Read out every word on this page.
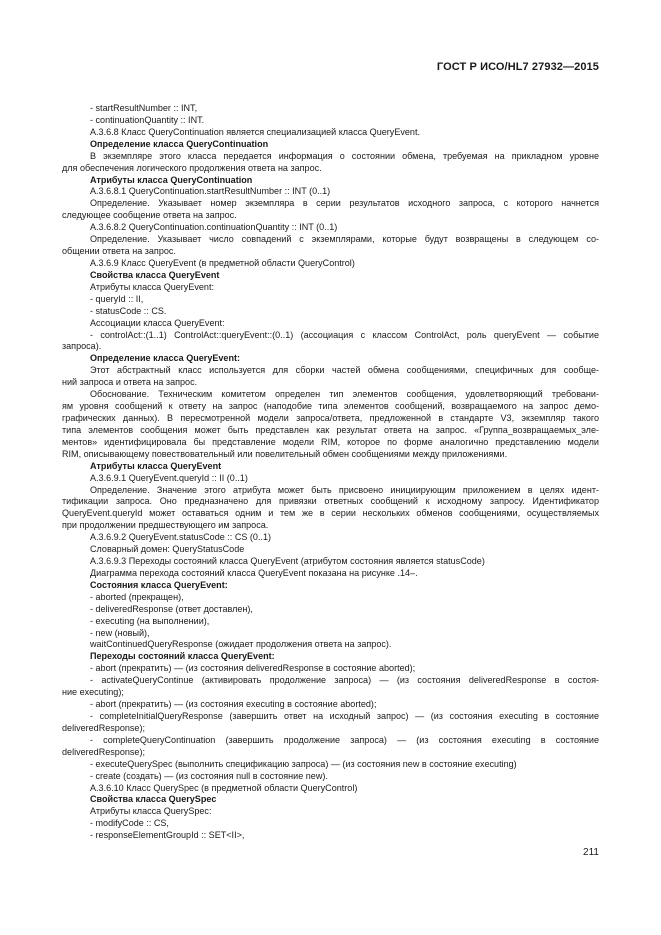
ГОСТ Р ИСО/HL7 27932—2015
- startResultNumber :: INT,
- continuationQuantity :: INT.
A.3.6.8 Класс QueryContinuation является специализацией класса QueryEvent.
Определение класса QueryContinuation
В экземпляре этого класса передается информация о состоянии обмена, требуемая на прикладном уровне
для обеспечения логического продолжения ответа на запрос.
Атрибуты класса QueryContinuation
A.3.6.8.1 QueryContinuation.startResultNumber :: INT (0..1)
Определение. Указывает номер экземпляра в серии результатов исходного запроса, с которого начнется
следующее сообщение ответа на запрос.
A.3.6.8.2 QueryContinuation.continuationQuantity :: INT (0..1)
Определение. Указывает число совпадений с экземплярами, которые будут возвращены в следующем со-
общении ответа на запрос.
A.3.6.9 Класс QueryEvent (в предметной области QueryControl)
Свойства класса QueryEvent
Атрибуты класса QueryEvent:
- queryId :: II,
- statusCode :: CS.
Ассоциации класса QueryEvent:
- controlAct::(1..1) ControlAct::queryEvent::(0..1) (ассоциация с классом ControlAct, роль queryEvent — событие
запроса).
Определение класса QueryEvent:
Этот абстрактный класс используется для сборки частей обмена сообщениями, специфичных для сообще-
ний запроса и ответа на запрос.
Обоснование. Техническим комитетом определен тип элементов сообщения, удовлетворяющий требовани-
ям уровня сообщений к ответу на запрос (наподобие типа элементов сообщений, возвращаемого на запрос демо-
графических данных). В пересмотренной модели запроса/ответа, предложенной в стандарте V3, экземпляр такого
типа элементов сообщения может быть представлен как результат ответа на запрос. «Группа_возвращаемых_эле-
ментов» идентифицировала бы представление модели RIM, которое по форме аналогично представлению модели
RIM, описывающему повествовательный или повелительный обмен сообщениями между приложениями.
Атрибуты класса QueryEvent
A.3.6.9.1 QueryEvent.queryId :: II (0..1)
Определение. Значение этого атрибута может быть присвоено инициирующим приложением в целях идент-
тификации запроса. Оно предназначено для привязки ответных сообщений к исходному запросу. Идентификатор
QueryEvent.queryId может оставаться одним и тем же в серии нескольких обменов сообщениями, осуществляемых
при продолжении предшествующего им запроса.
A.3.6.9.2 QueryEvent.statusCode :: CS (0..1)
Словарный домен: QueryStatusCode
A.3.6.9.3 Переходы состояний класса QueryEvent (атрибутом состояния является statusCode)
Диаграмма перехода состояний класса QueryEvent показана на рисунке .14–.
Состояния класса QueryEvent:
- aborted (прекращен),
- deliveredResponse (ответ доставлен),
- executing (на выполнении),
- new (новый),
waitContinuedQueryResponse (ожидает продолжения ответа на запрос).
Переходы состояний класса QueryEvent:
- abort (прекратить) — (из состояния deliveredResponse в состояние aborted);
- activateQueryContinue (активировать продолжение запроса) — (из состояния deliveredResponse в состоя-
ние executing);
- abort (прекратить) — (из состояния executing в состояние aborted);
- completeInitialQueryResponse (завершить ответ на исходный запрос) — (из состояния executing в состояние
deliveredResponse);
- completeQueryContinuation (завершить продолжение запроса) — (из состояния executing в состояние
deliveredResponse);
- executeQuerySpec (выполнить спецификацию запроса) — (из состояния new в состояние executing)
- create (создать) — (из состояния null в состояние new).
A.3.6.10 Класс QuerySpec (в предметной области QueryControl)
Свойства класса QuerySpec
Атрибуты класса QuerySpec:
- modifyCode :: CS,
- responseElementGroupId :: SET<II>,
211
